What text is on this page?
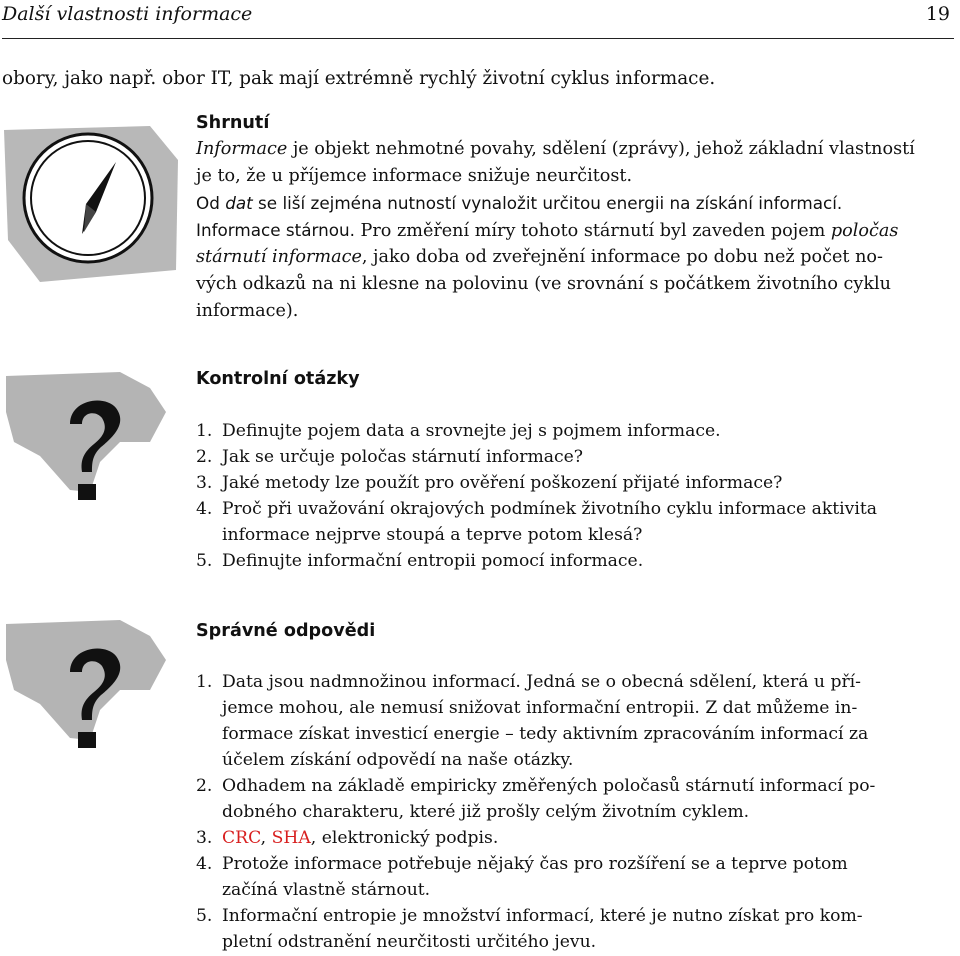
Další vlastnosti informace	19
obory, jako např. obor IT, pak mají extrémně rychlý životní cyklus informace.
Shrnutí
Informace je objekt nehmotné povahy, sdělení (zprávy), jehož základní vlastností
je to, že u příjemce informace snižuje neurčitost.
Od dat se liší zejména nutností vynaložit určitou energii na získání informací.
Informace stárnou. Pro změření míry tohoto stárnutí byl zaveden pojem poločas
stárnutí informace, jako doba od zveřejnění informace po dobu než počet no-
vých odkazů na ni klesne na polovinu (ve srovnání s počátkem životního cyklu
informace).
Kontrolní otázky
1. Definujte pojem data a srovnejte jej s pojmem informace.
2. Jak se určuje poločas stárnutí informace?
3. Jaké metody lze použít pro ověření poškození přijaté informace?
4. Proč při uvažování okrajových podmínek životního cyklu informace aktivita
informace nejprve stoupá a teprve potom klesá?
5. Definujte informační entropii pomocí informace.
Správné odpovědi
1. Data jsou nadmnožinou informací. Jedná se o obecná sdělení, která u pří-
jemce mohou, ale nemusí snižovat informační entropii. Z dat můžeme in-
formace získat investicí energie – tedy aktivním zpracováním informací za
účelem získání odpovědí na naše otázky.
2. Odhadem na základě empiricky změřených poločasů stárnutí informací po-
dobného charakteru, které již prošly celým životním cyklem.
3. CRC, SHA, elektronický podpis.
4. Protože informace potřebuje nějaký čas pro rozšíření se a teprve potom
začíná vlastně stárnout.
5. Informační entropie je množství informací, které je nutno získat pro kom-
pletní odstranění neurčitosti určitého jevu.
